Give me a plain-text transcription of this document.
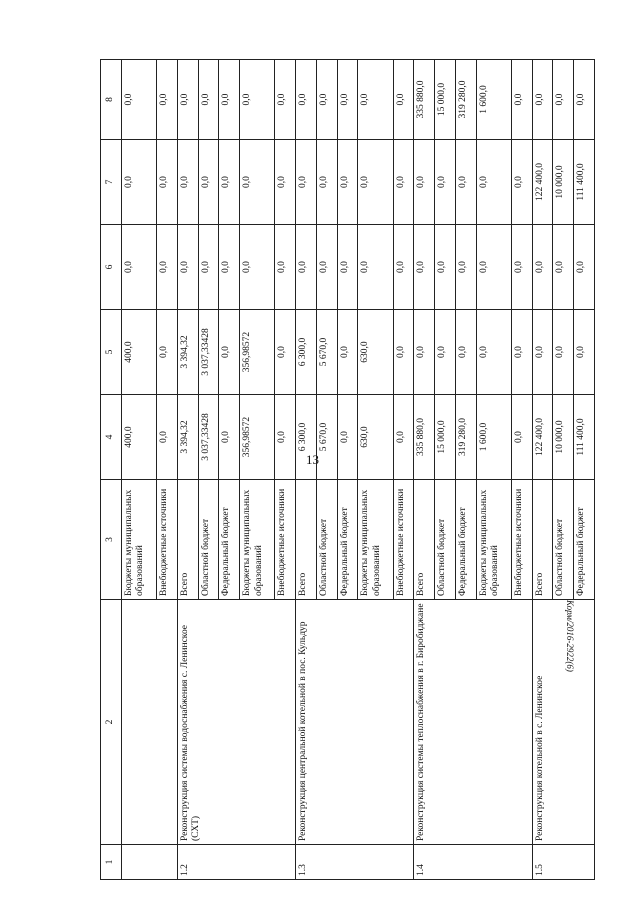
13
1	2	3	4	5	6	7	8
		Бюджеты муниципальных образований	400,0	400,0	0,0	0,0	0,0
		Внебюджетные источники	0,0	0,0	0,0	0,0	0,0
1.2	Реконструкция системы водоснабжения с. Ленинское (СХТ)	Всего	3 394,32	3 394,32	0,0	0,0	0,0
		Областной бюджет	3 037,33428	3 037,33428	0,0	0,0	0,0
		Федеральный бюджет	0,0	0,0	0,0	0,0	0,0
		Бюджеты муниципальных образований	356,98572	356,98572	0,0	0,0	0,0
		Внебюджетные источники	0,0	0,0	0,0	0,0	0,0
1.3	Реконструкция центральной котельной в пос. Кульдур	Всего	6 300,0	6 300,0	0,0	0,0	0,0
		Областной бюджет	5 670,0	5 670,0	0,0	0,0	0,0
		Федеральный бюджет	0,0	0,0	0,0	0,0	0,0
		Бюджеты муниципальных образований	630,0	630,0	0,0	0,0	0,0
		Внебюджетные источники	0,0	0,0	0,0	0,0	0,0
1.4	Реконструкция системы теплоснабжения в г. Биробиджане	Всего	335 880,0	0,0	0,0	0,0	335 880,0
		Областной бюджет	15 000,0	0,0	0,0	0,0	15 000,0
		Федеральный бюджет	319 280,0	0,0	0,0	0,0	319 280,0
		Бюджеты муниципальных образований	1 600,0	0,0	0,0	0,0	1 600,0
		Внебюджетные источники	0,0	0,0	0,0	0,0	0,0
1.5	Реконструкция котельной в с. Ленинское	Всего	122 400,0	0,0	0,0	122 400,0	0,0
		Областной бюджет	10 000,0	0,0	0,0	10 000,0	0,0
		Федеральный бюджет	111 400,0	0,0	0,0	111 400,0	0,0
Корм/2016-2922(6)
